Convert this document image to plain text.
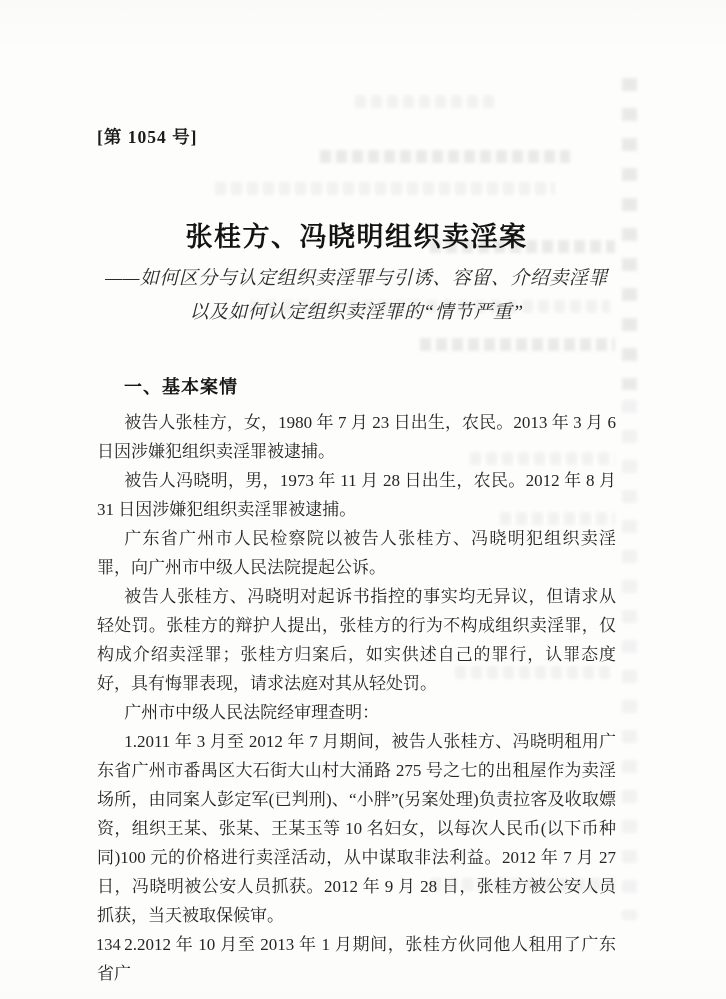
[第 1054 号]
张桂方、冯晓明组织卖淫案
——如何区分与认定组织卖淫罪与引诱、容留、介绍卖淫罪
以及如何认定组织卖淫罪的“情节严重”
一、基本案情

被告人张桂方，女，1980 年 7 月 23 日出生，农民。2013 年 3 月 6 日因涉嫌犯组织卖淫罪被逮捕。

被告人冯晓明，男，1973 年 11 月 28 日出生，农民。2012 年 8 月 31 日因涉嫌犯组织卖淫罪被逮捕。

广东省广州市人民检察院以被告人张桂方、冯晓明犯组织卖淫罪，向广州市中级人民法院提起公诉。

被告人张桂方、冯晓明对起诉书指控的事实均无异议，但请求从轻处罚。张桂方的辩护人提出，张桂方的行为不构成组织卖淫罪，仅构成介绍卖淫罪；张桂方归案后，如实供述自己的罪行，认罪态度好，具有悔罪表现，请求法庭对其从轻处罚。

广州市中级人民法院经审理查明：

1.2011 年 3 月至 2012 年 7 月期间，被告人张桂方、冯晓明租用广东省广州市番禺区大石街大山村大涌路 275 号之七的出租屋作为卖淫场所，由同案人彭定军(已判刑)、“小胖”(另案处理)负责拉客及收取嫖资，组织王某、张某、王某玉等 10 名妇女，以每次人民币(以下币种同)100 元的价格进行卖淫活动，从中谋取非法利益。2012 年 7 月 27 日，冯晓明被公安人员抓获。2012 年 9 月 28 日，张桂方被公安人员抓获，当天被取保候审。

2.2012 年 10 月至 2013 年 1 月期间，张桂方伙同他人租用了广东省广

134
